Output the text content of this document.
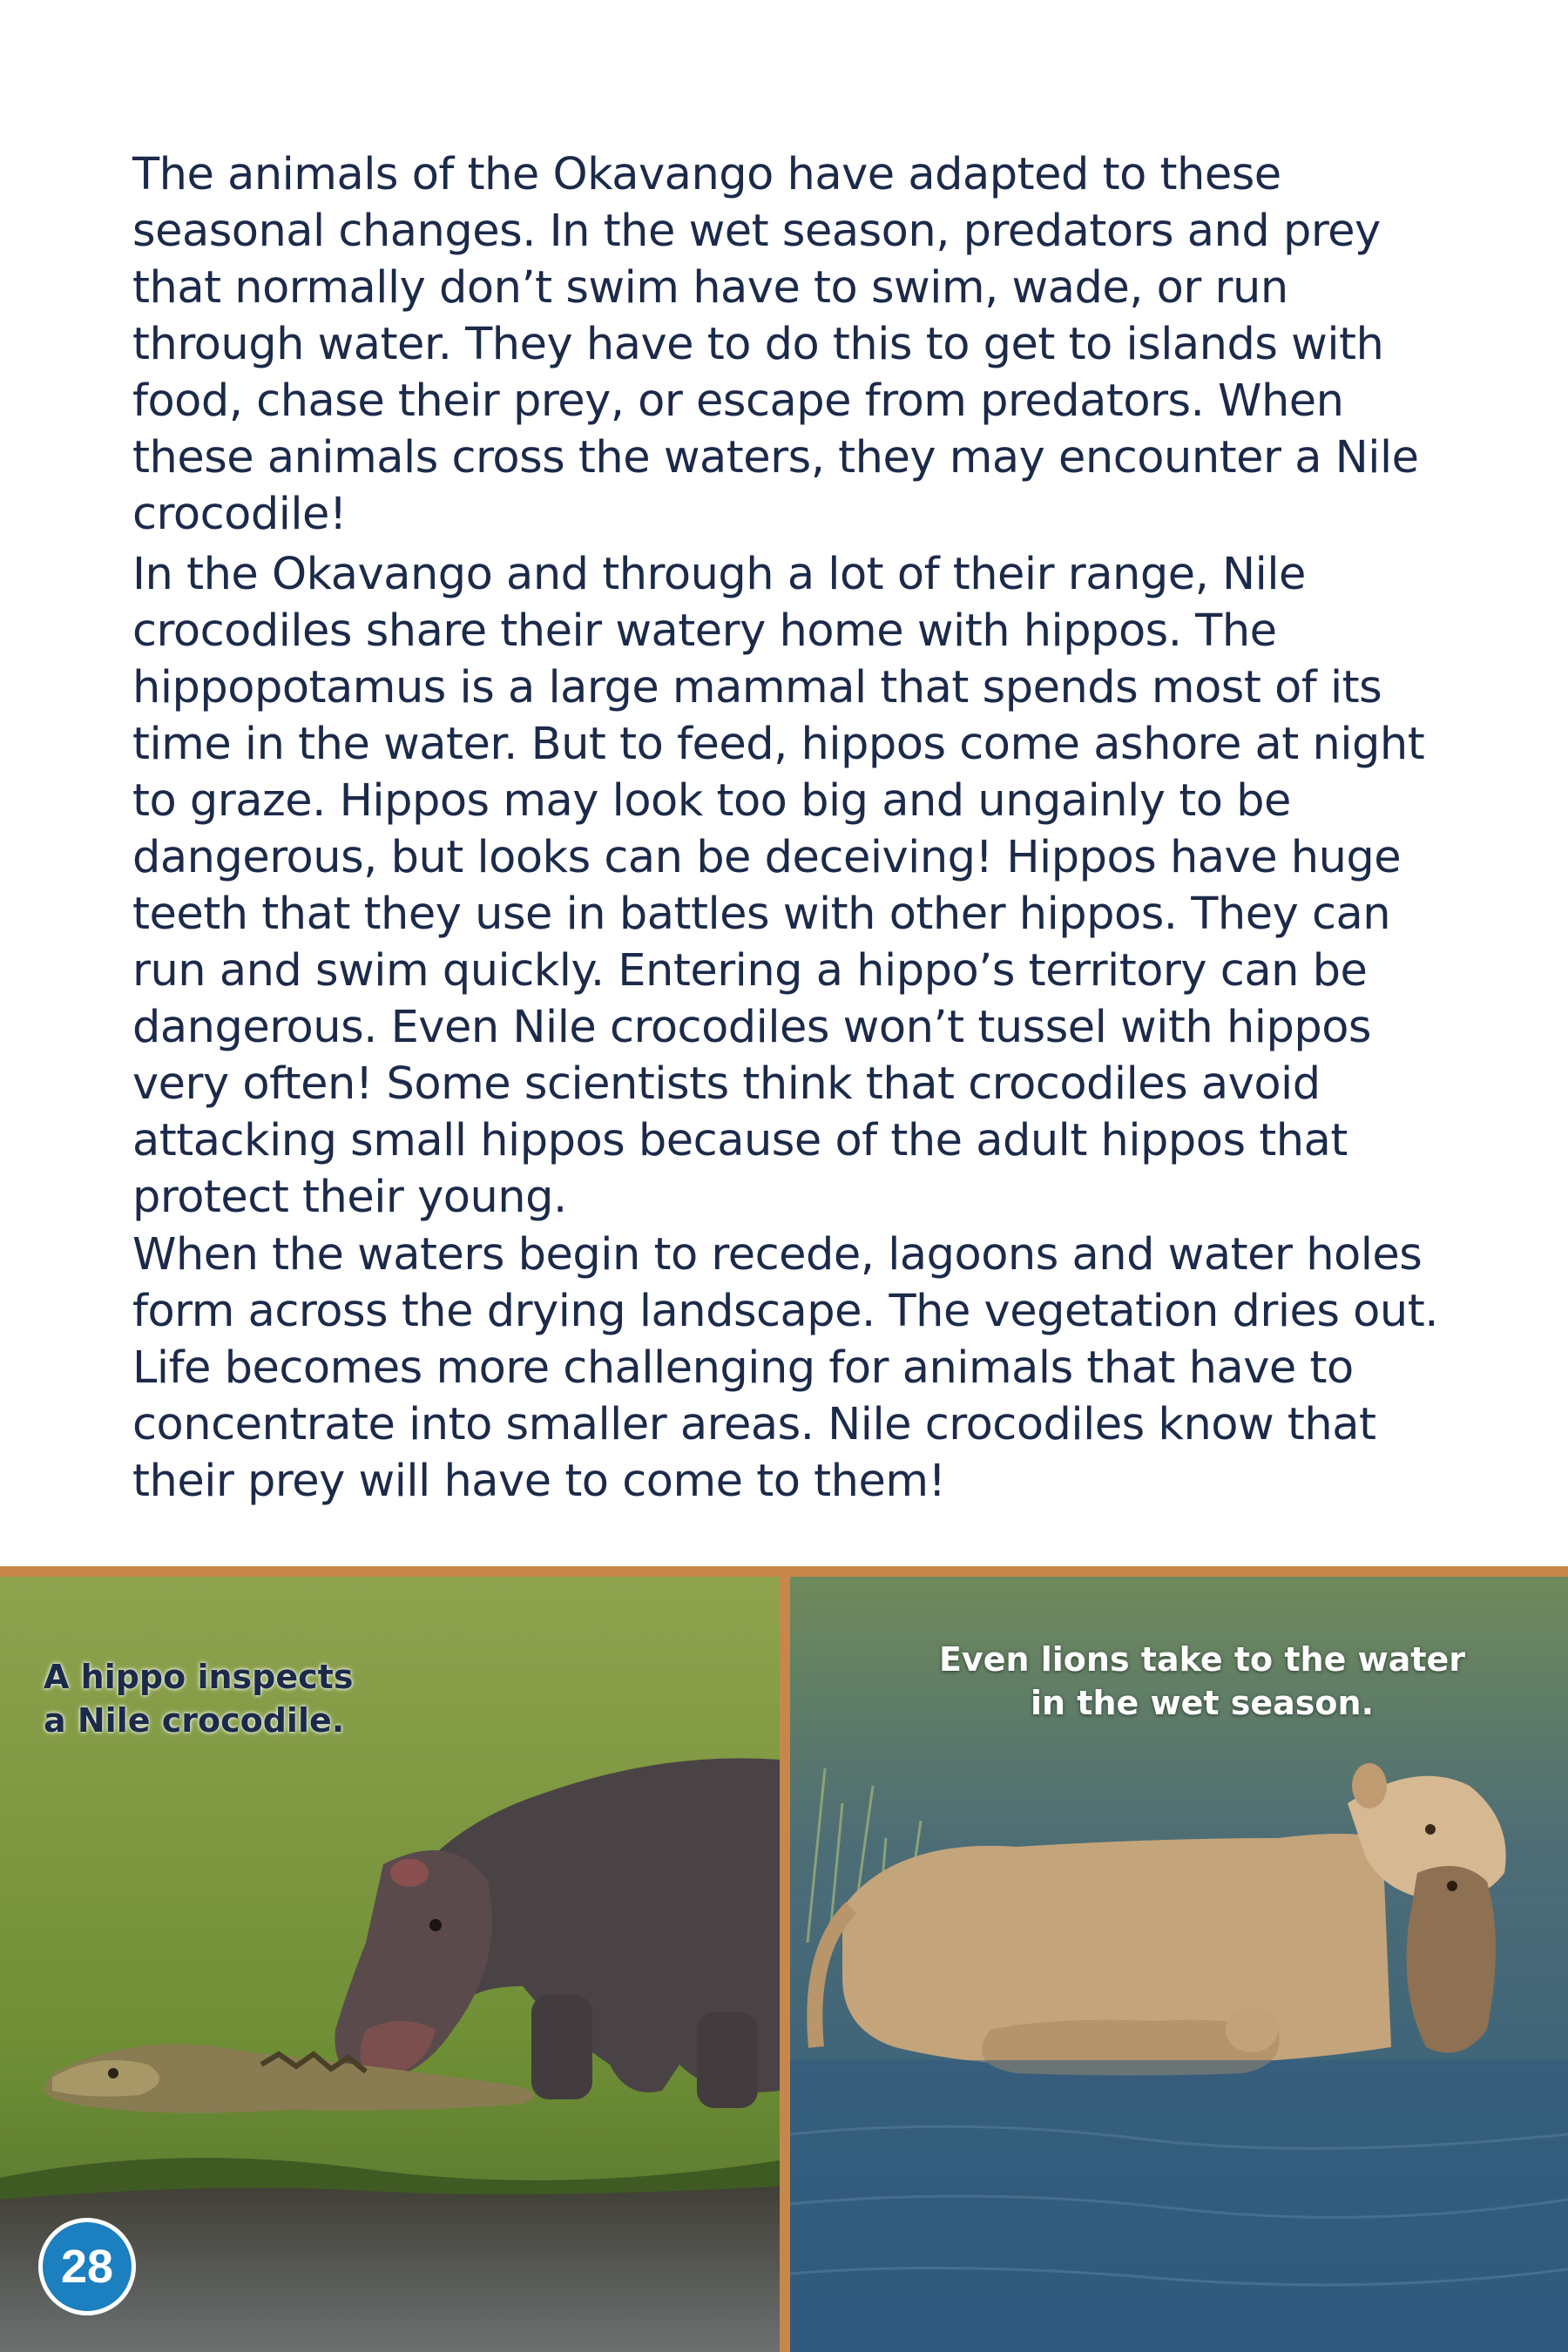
The animals of the Okavango have adapted to these seasonal changes. In the wet season, predators and prey that normally don’t swim have to swim, wade, or run through water. They have to do this to get to islands with food, chase their prey, or escape from predators. When these animals cross the waters, they may encounter a Nile crocodile!

In the Okavango and through a lot of their range, Nile crocodiles share their watery home with hippos. The hippopotamus is a large mammal that spends most of its time in the water. But to feed, hippos come ashore at night to graze. Hippos may look too big and ungainly to be dangerous, but looks can be deceiving! Hippos have huge teeth that they use in battles with other hippos. They can run and swim quickly. Entering a hippo’s territory can be dangerous. Even Nile crocodiles won’t tussel with hippos very often! Some scientists think that crocodiles avoid attacking small hippos because of the adult hippos that protect their young.

When the waters begin to recede, lagoons and water holes form across the drying landscape. The vegetation dries out. Life becomes more challenging for animals that have to concentrate into smaller areas. Nile crocodiles know that their prey will have to come to them!

A hippo inspects a Nile crocodile.

Even lions take to the water in the wet season.

28
